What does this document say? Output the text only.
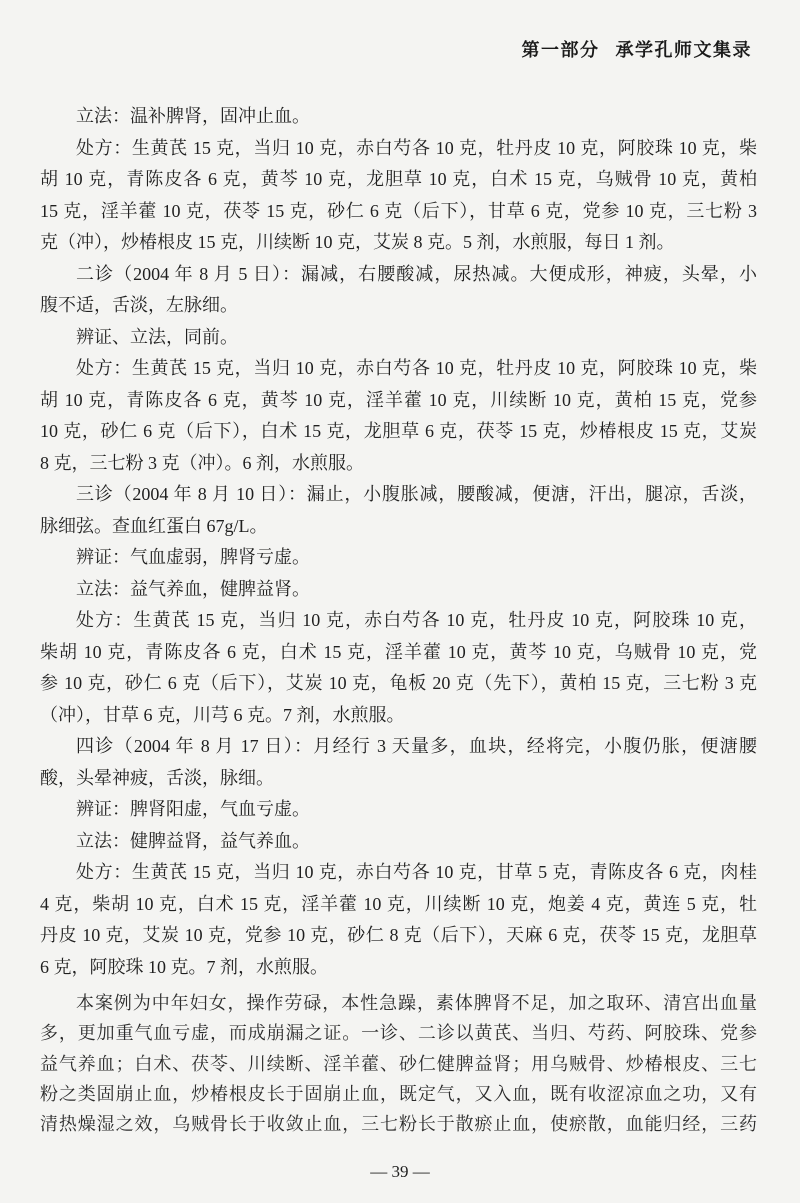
第一部分 承学孔师文集录
立法：温补脾肾，固冲止血。
处方：生黄芪 15 克，当归 10 克，赤白芍各 10 克，牡丹皮 10 克，阿胶珠 10 克，柴
胡 10 克，青陈皮各 6 克，黄芩 10 克，龙胆草 10 克，白术 15 克，乌贼骨 10 克，黄柏
15 克，淫羊藿 10 克，茯苓 15 克，砂仁 6 克（后下），甘草 6 克，党参 10 克，三七粉 3
克（冲），炒椿根皮 15 克，川续断 10 克，艾炭 8 克。5 剂，水煎服，每日 1 剂。
二诊（2004 年 8 月 5 日）：漏减，右腰酸减，尿热减。大便成形，神疲，头晕，小
腹不适，舌淡，左脉细。
辨证、立法，同前。
处方：生黄芪 15 克，当归 10 克，赤白芍各 10 克，牡丹皮 10 克，阿胶珠 10 克，柴
胡 10 克，青陈皮各 6 克，黄芩 10 克，淫羊藿 10 克，川续断 10 克，黄柏 15 克，党参
10 克，砂仁 6 克（后下），白术 15 克，龙胆草 6 克，茯苓 15 克，炒椿根皮 15 克，艾炭
8 克，三七粉 3 克（冲）。6 剂，水煎服。
三诊（2004 年 8 月 10 日）：漏止，小腹胀减，腰酸减，便溏，汗出，腿凉，舌淡，
脉细弦。查血红蛋白 67g/L。
辨证：气血虚弱，脾肾亏虚。
立法：益气养血，健脾益肾。
处方：生黄芪 15 克，当归 10 克，赤白芍各 10 克，牡丹皮 10 克，阿胶珠 10 克，
柴胡 10 克，青陈皮各 6 克，白术 15 克，淫羊藿 10 克，黄芩 10 克，乌贼骨 10 克，党
参 10 克，砂仁 6 克（后下），艾炭 10 克，龟板 20 克（先下），黄柏 15 克，三七粉 3 克
（冲），甘草 6 克，川芎 6 克。7 剂，水煎服。
四诊（2004 年 8 月 17 日）：月经行 3 天量多，血块，经将完，小腹仍胀，便溏腰
酸，头晕神疲，舌淡，脉细。
辨证：脾肾阳虚，气血亏虚。
立法：健脾益肾，益气养血。
处方：生黄芪 15 克，当归 10 克，赤白芍各 10 克，甘草 5 克，青陈皮各 6 克，肉桂
4 克，柴胡 10 克，白术 15 克，淫羊藿 10 克，川续断 10 克，炮姜 4 克，黄连 5 克，牡
丹皮 10 克，艾炭 10 克，党参 10 克，砂仁 8 克（后下），天麻 6 克，茯苓 15 克，龙胆草
6 克，阿胶珠 10 克。7 剂，水煎服。
本案例为中年妇女，操作劳碌，本性急躁，素体脾肾不足，加之取环、清宫出血量
多，更加重气血亏虚，而成崩漏之证。一诊、二诊以黄芪、当归、芍药、阿胶珠、党参
益气养血；白术、茯苓、川续断、淫羊藿、砂仁健脾益肾；用乌贼骨、炒椿根皮、三七
粉之类固崩止血，炒椿根皮长于固崩止血，既定气，又入血，既有收涩凉血之功，又有
清热燥湿之效，乌贼骨长于收敛止血，三七粉长于散瘀止血，使瘀散，血能归经，三药
— 39 —
